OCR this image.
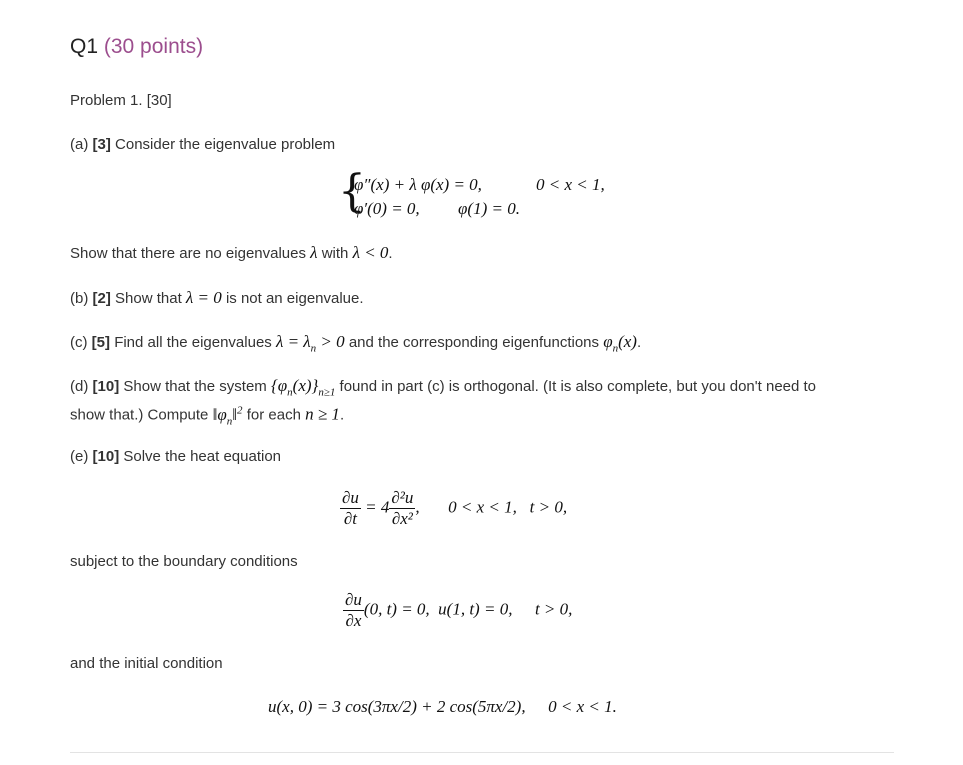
Q1 (30 points)
Problem 1. [30]
(a) [3] Consider the eigenvalue problem
{
φ″(x) + λ φ(x) = 0,	0 < x < 1,
φ′(0) = 0, φ(1) = 0.
Show that there are no eigenvalues λ with λ < 0.
(b) [2] Show that λ = 0 is not an eigenvalue.
(c) [5] Find all the eigenvalues $\lambda = \lambda_n > 0$ and the corresponding eigenfunctions $\varphi_n(x)$.
(d) [10] Show that the system $\{\varphi_n(x)\}_{n\ge 1}$ found in part (c) is orthogonal. (It is also complete, but you don't need to
show that.) Compute $‖\varphi_n‖^2$ for each n ≥ 1.
(e) [10] Solve the heat equation
$\frac{\partial u}{\partial t} = 4 \frac{\text{∂²u}}{\text{∂x²}}$ , 0 < x < 1,   t > 0,
subject to the boundary conditions
$\frac{\partial u}{\partial x} (0$, t) = 0,  u(1, t) = 0, t > 0,
and the initial condition
u(x, 0) = 3 cos(3πx/2) + 2 cos(5πx/2), 0 < x < 1.
